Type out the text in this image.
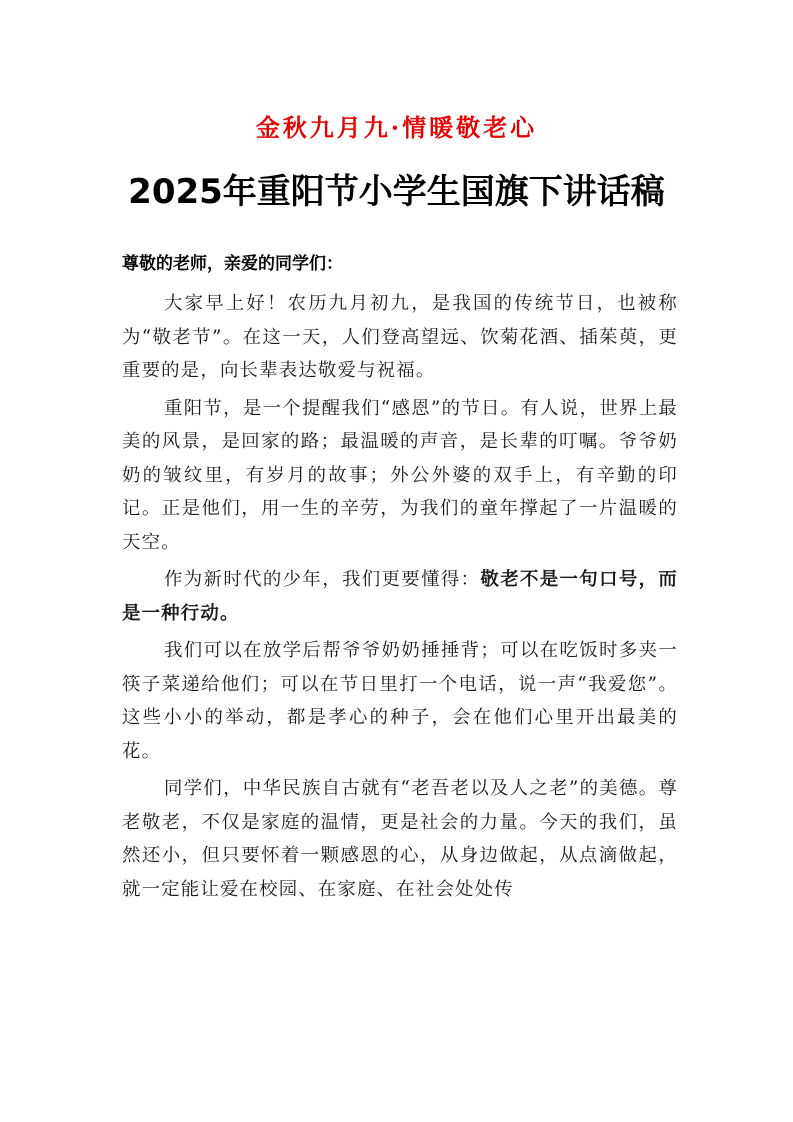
金秋九月九·情暖敬老心
2025年重阳节小学生国旗下讲话稿
尊敬的老师，亲爱的同学们：

大家早上好！农历九月初九，是我国的传统节日，也被称为“敬老节”。在这一天，人们登高望远、饮菊花酒、插茱萸，更重要的是，向长辈表达敬爱与祝福。

重阳节，是一个提醒我们“感恩”的节日。有人说，世界上最美的风景，是回家的路；最温暖的声音，是长辈的叮嘱。爷爷奶奶的皱纹里，有岁月的故事；外公外婆的双手上，有辛勤的印记。正是他们，用一生的辛劳，为我们的童年撑起了一片温暖的天空。

作为新时代的少年，我们更要懂得：敬老不是一句口号，而是一种行动。

我们可以在放学后帮爷爷奶奶捶捶背；可以在吃饭时多夹一筷子菜递给他们；可以在节日里打一个电话，说一声“我爱您”。这些小小的举动，都是孝心的种子，会在他们心里开出最美的花。

同学们，中华民族自古就有“老吾老以及人之老”的美德。尊老敬老，不仅是家庭的温情，更是社会的力量。今天的我们，虽然还小，但只要怀着一颗感恩的心，从身边做起，从点滴做起，就一定能让爱在校园、在家庭、在社会处处传
